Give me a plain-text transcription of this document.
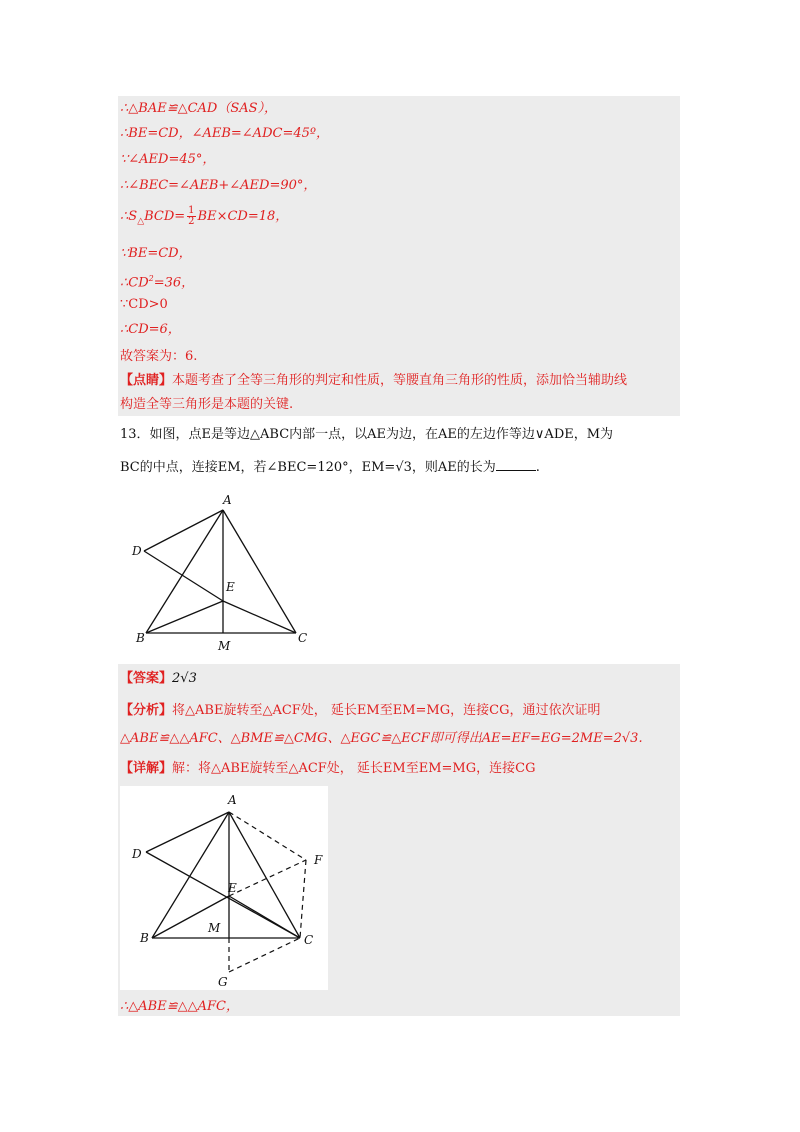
∴△BAE≌△CAD（SAS），
∴BE=CD，∠AEB=∠ADC=45º，
∵∠AED=45°，
∴∠BEC=∠AEB+∠AED=90°，
$\therefore S_\triangle BCD= \frac{1}{2} BE\times CD=18$，
∵BE=CD，
$\therefore CD^2=36$，
∵CD>0
∴CD=6，
故答案为：6.
【点睛】本题考查了全等三角形的判定和性质，等腰直角三角形的性质，添加恰当辅助线
构造全等三角形是本题的关键.
13．如图，点E是等边△ABC内部一点，以AE为边，在AE的左边作等边∨ADE，M为
BC的中点，连接EM，若∠BEC=120°，EM=√3，则AE的长为	.
A
D
E
B	C
M
【答案】2√3
【分析】将△ABE旋转至△ACF处， 延长EM至EM=MG，连接CG，通过依次证明
△ABE≌△△AFC、△BME≌△CMG、△EGC≌△ECF即可得出AE=EF=EG=2ME=2√3.
【详解】解：将△ABE旋转至△ACF处， 延长EM至EM=MG，连接CG
A
D	F
E
M
B	C
G
∴△ABE≌△△AFC，
